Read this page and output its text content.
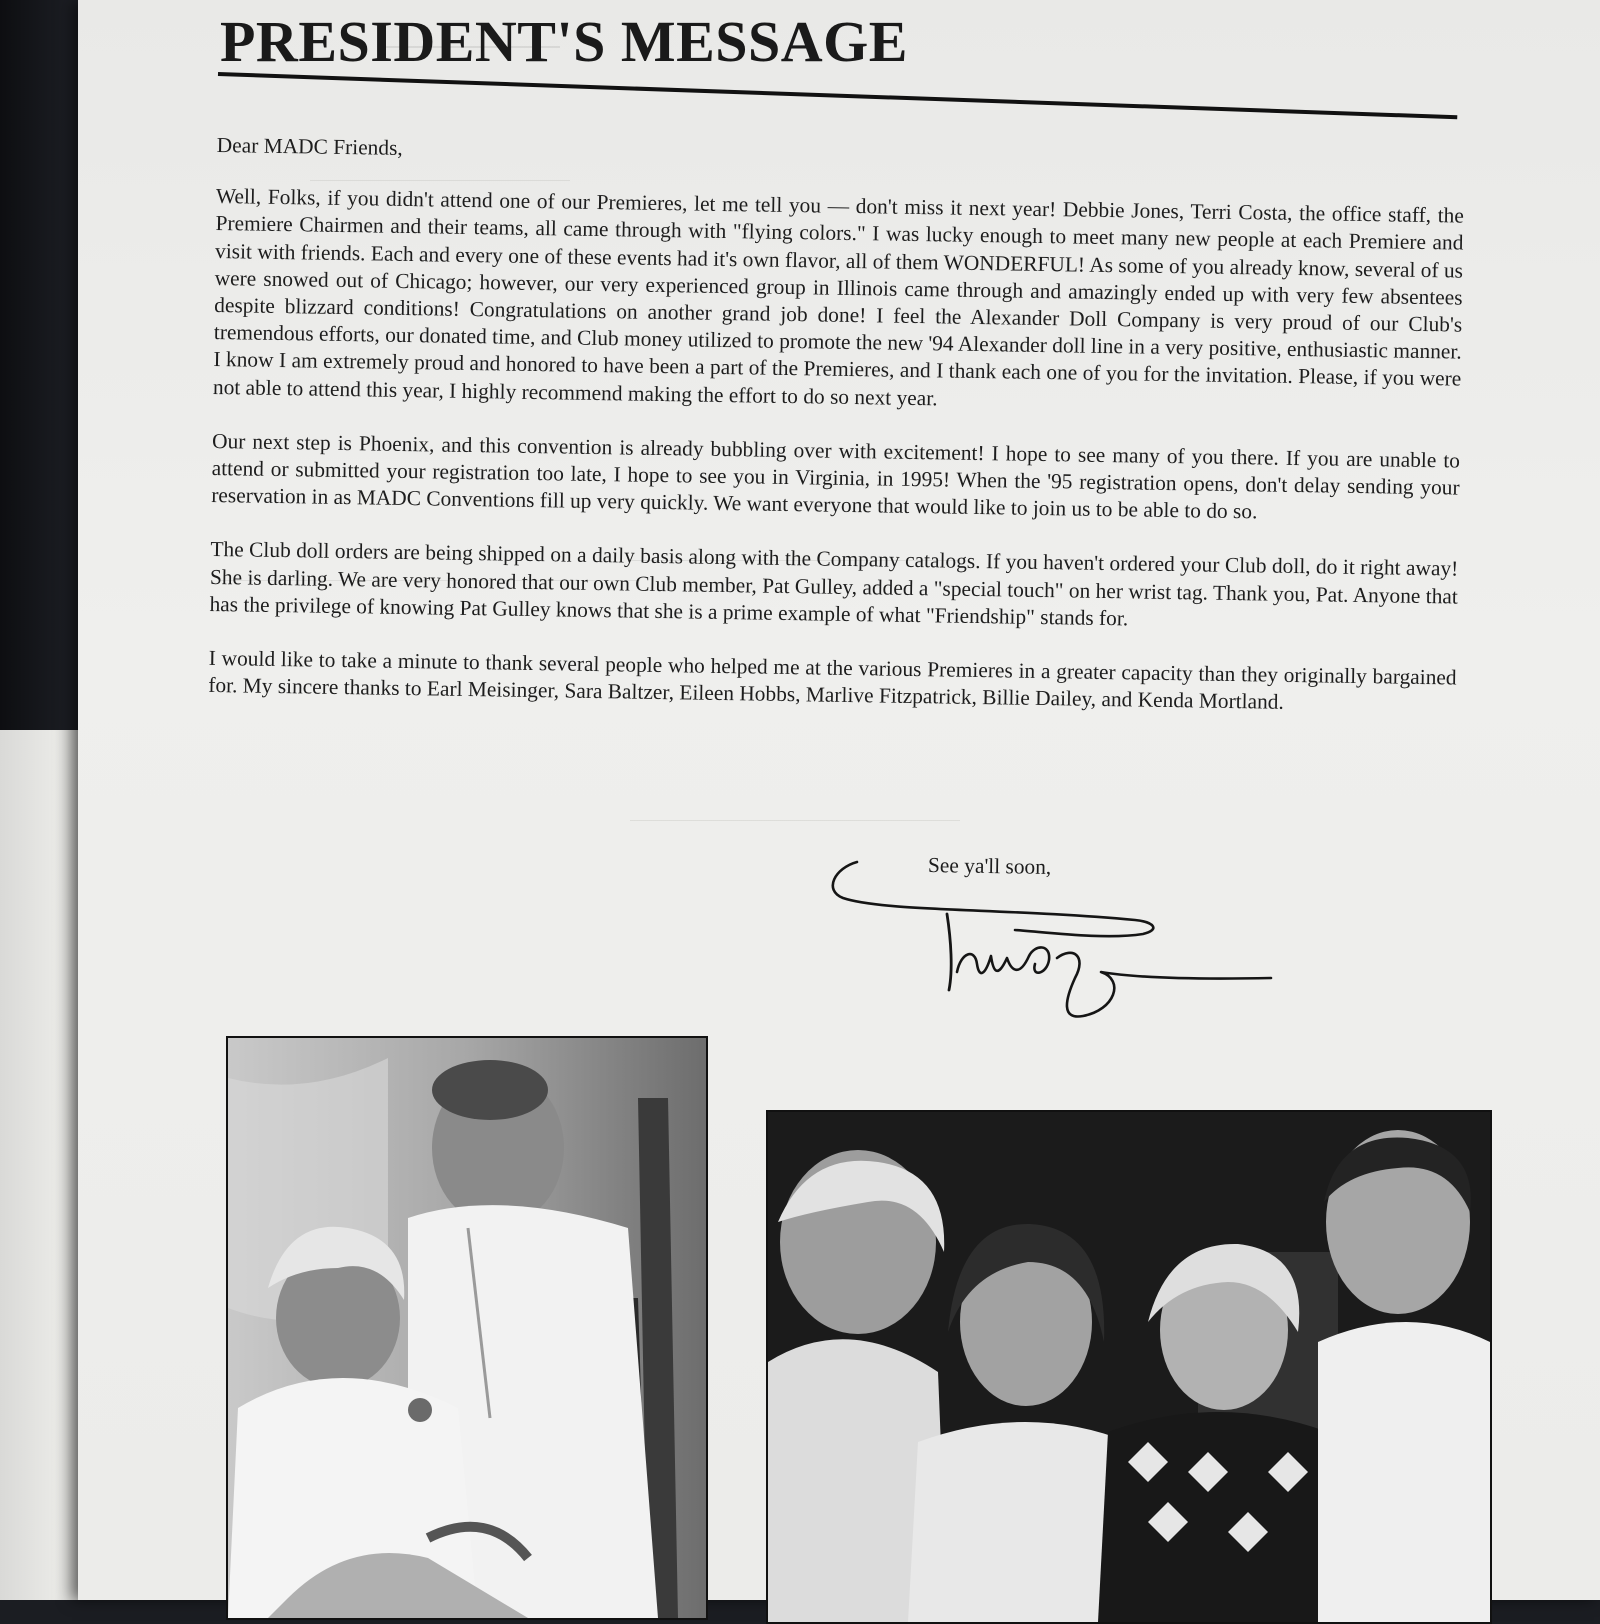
PRESIDENT'S MESSAGE

Dear MADC Friends,

Well, Folks, if you didn't attend one of our Premieres, let me tell you — don't miss it next year! Debbie Jones, Terri Costa, the office staff, the Premiere Chairmen and their teams, all came through with "flying colors." I was lucky enough to meet many new people at each Premiere and visit with friends. Each and every one of these events had it's own flavor, all of them WONDERFUL! As some of you already know, several of us were snowed out of Chicago; however, our very experienced group in Illinois came through and amazingly ended up with very few absentees despite blizzard conditions! Congratulations on another grand job done! I feel the Alexander Doll Company is very proud of our Club's tremendous efforts, our donated time, and Club money utilized to promote the new '94 Alexander doll line in a very positive, enthusiastic manner. I know I am extremely proud and honored to have been a part of the Premieres, and I thank each one of you for the invitation. Please, if you were not able to attend this year, I highly recommend making the effort to do so next year.

Our next step is Phoenix, and this convention is already bubbling over with excitement! I hope to see many of you there. If you are unable to attend or submitted your registration too late, I hope to see you in Virginia, in 1995! When the '95 registration opens, don't delay sending your reservation in as MADC Conventions fill up very quickly. We want everyone that would like to join us to be able to do so.

The Club doll orders are being shipped on a daily basis along with the Company catalogs. If you haven't ordered your Club doll, do it right away! She is darling. We are very honored that our own Club member, Pat Gulley, added a "special touch" on her wrist tag. Thank you, Pat. Anyone that has the privilege of knowing Pat Gulley knows that she is a prime example of what "Friendship" stands for.

I would like to take a minute to thank several people who helped me at the various Premieres in a greater capacity than they originally bargained for. My sincere thanks to Earl Meisinger, Sara Baltzer, Eileen Hobbs, Marlive Fitzpatrick, Billie Dailey, and Kenda Mortland.

See ya'll soon,
